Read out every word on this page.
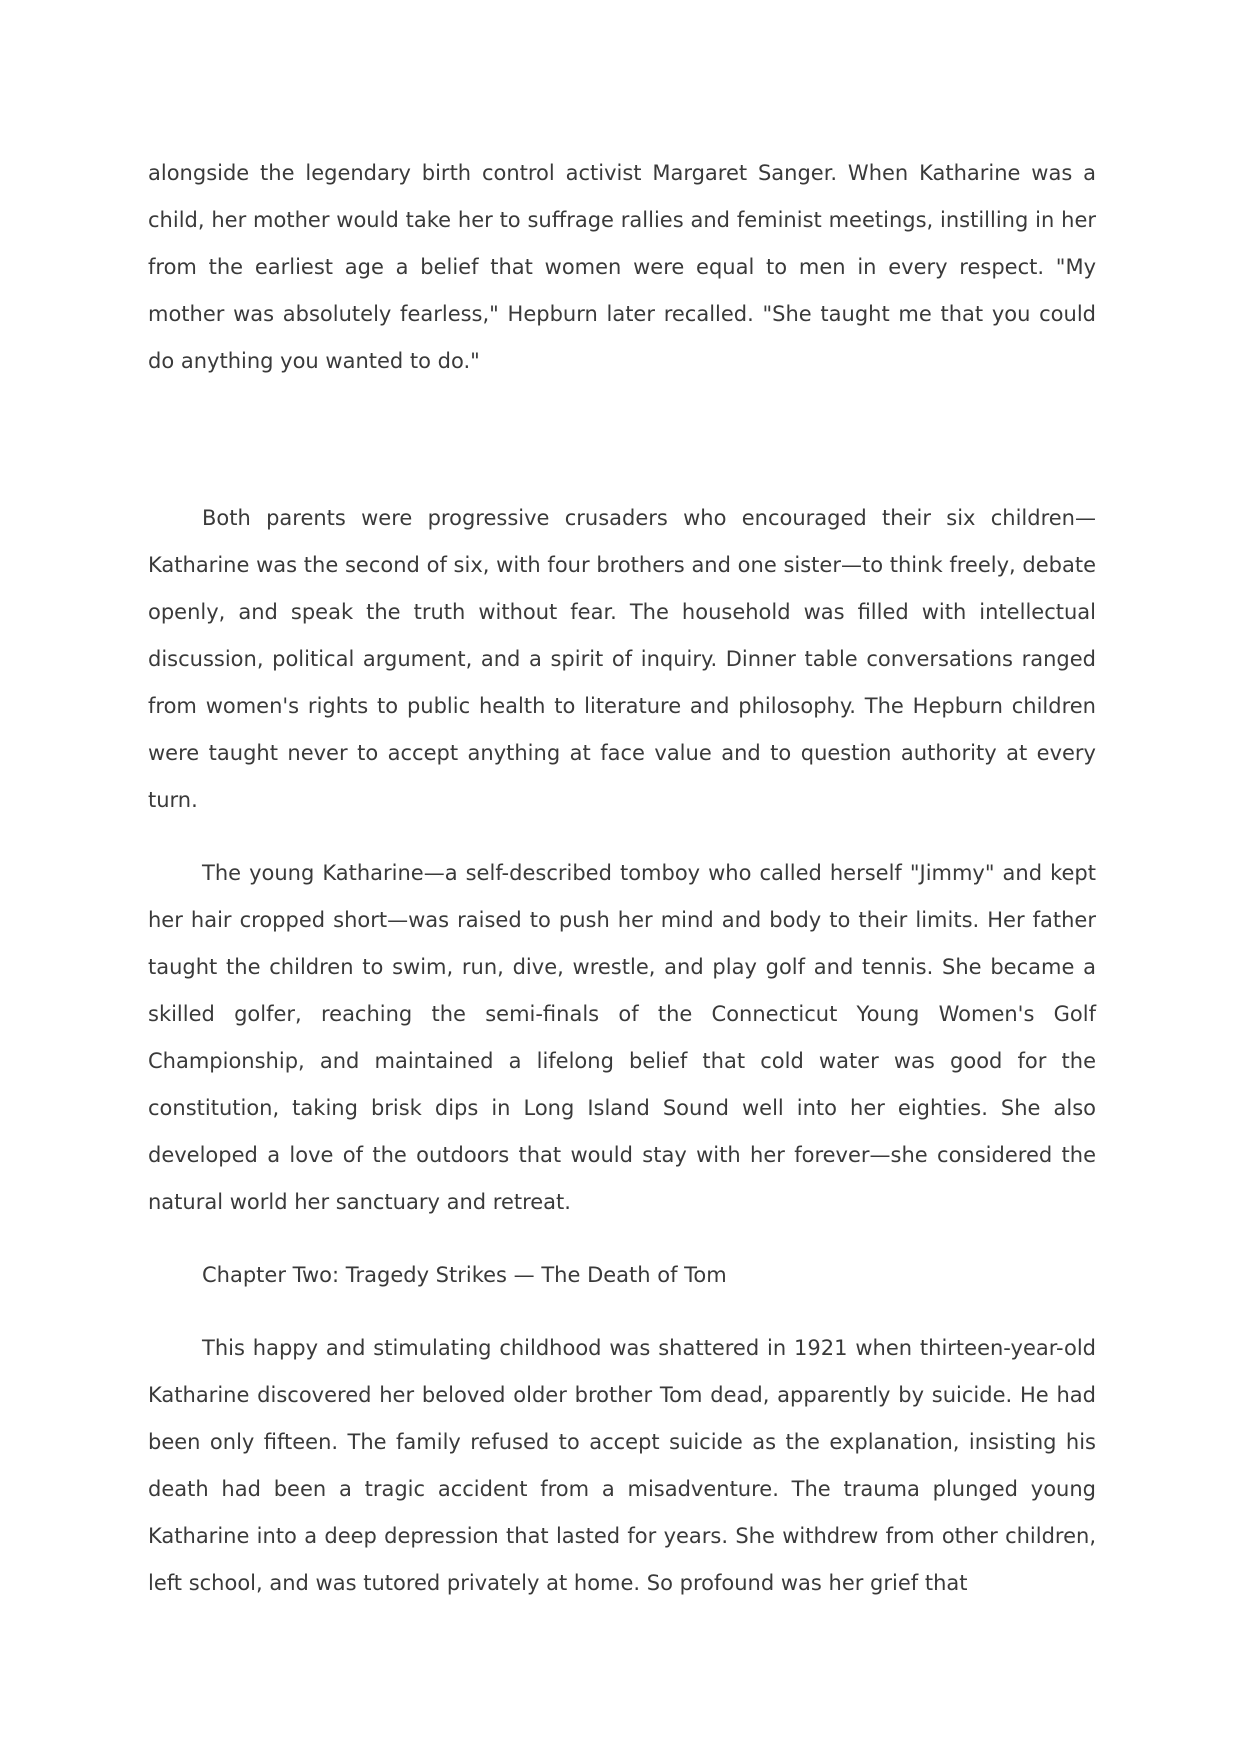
alongside the legendary birth control activist Margaret Sanger. When Katharine was a child, her mother would take her to suffrage rallies and feminist meetings, instilling in her from the earliest age a belief that women were equal to men in every respect. "My mother was absolutely fearless," Hepburn later recalled. "She taught me that you could do anything you wanted to do."

Both parents were progressive crusaders who encouraged their six children—Katharine was the second of six, with four brothers and one sister—to think freely, debate openly, and speak the truth without fear. The household was filled with intellectual discussion, political argument, and a spirit of inquiry. Dinner table conversations ranged from women's rights to public health to literature and philosophy. The Hepburn children were taught never to accept anything at face value and to question authority at every turn.

The young Katharine—a self-described tomboy who called herself "Jimmy" and kept her hair cropped short—was raised to push her mind and body to their limits. Her father taught the children to swim, run, dive, wrestle, and play golf and tennis. She became a skilled golfer, reaching the semi-finals of the Connecticut Young Women's Golf Championship, and maintained a lifelong belief that cold water was good for the constitution, taking brisk dips in Long Island Sound well into her eighties. She also developed a love of the outdoors that would stay with her forever—she considered the natural world her sanctuary and retreat.

Chapter Two: Tragedy Strikes — The Death of Tom

This happy and stimulating childhood was shattered in 1921 when thirteen-year-old Katharine discovered her beloved older brother Tom dead, apparently by suicide. He had been only fifteen. The family refused to accept suicide as the explanation, insisting his death had been a tragic accident from a misadventure. The trauma plunged young Katharine into a deep depression that lasted for years. She withdrew from other children, left school, and was tutored privately at home. So profound was her grief that
